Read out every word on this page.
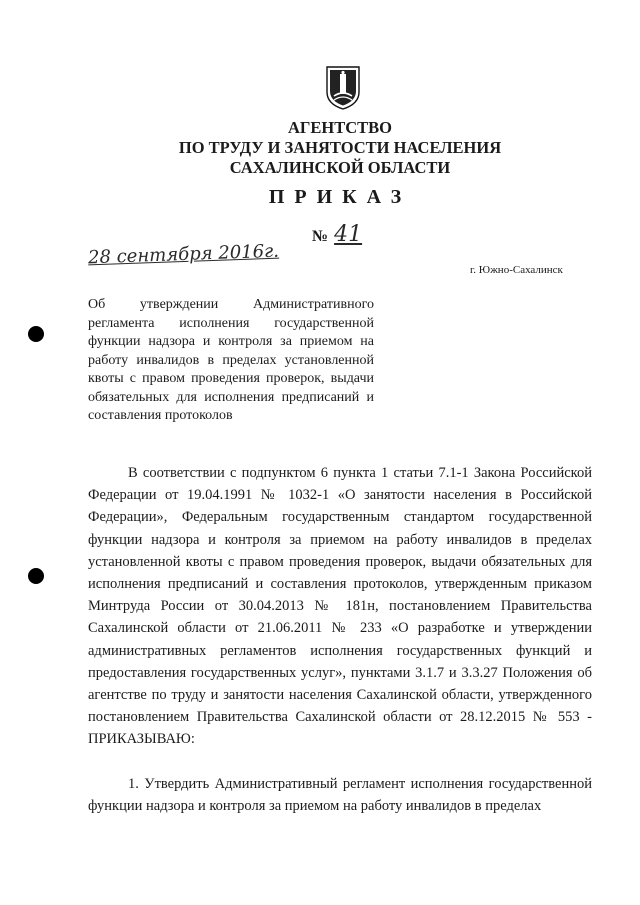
АГЕНТСТВО
ПО ТРУДУ И ЗАНЯТОСТИ НАСЕЛЕНИЯ
САХАЛИНСКОЙ ОБЛАСТИ
ПРИКАЗ
№ 41
28 сентября 2016г.
г. Южно-Сахалинск
Об утверждении Административного регламента исполнения государственной функции надзора и контроля за приемом на работу инвалидов в пределах установленной квоты с правом проведения проверок, выдачи обязательных для исполнения предписаний и составления протоколов

В соответствии с подпунктом 6 пункта 1 статьи 7.1-1 Закона Российской Федерации от 19.04.1991 № 1032-1 «О занятости населения в Российской Федерации», Федеральным государственным стандартом государственной функции надзора и контроля за приемом на работу инвалидов в пределах установленной квоты с правом проведения проверок, выдачи обязательных для исполнения предписаний и составления протоколов, утвержденным приказом Минтруда России от 30.04.2013 № 181н, постановлением Правительства Сахалинской области от 21.06.2011 № 233 «О разработке и утверждении административных регламентов исполнения государственных функций и предоставления государственных услуг», пунктами 3.1.7 и 3.3.27 Положения об агентстве по труду и занятости населения Сахалинской области, утвержденного постановлением Правительства Сахалинской области от 28.12.2015 № 553 - ПРИКАЗЫВАЮ:

1. Утвердить Административный регламент исполнения государственной функции надзора и контроля за приемом на работу инвалидов в пределах
